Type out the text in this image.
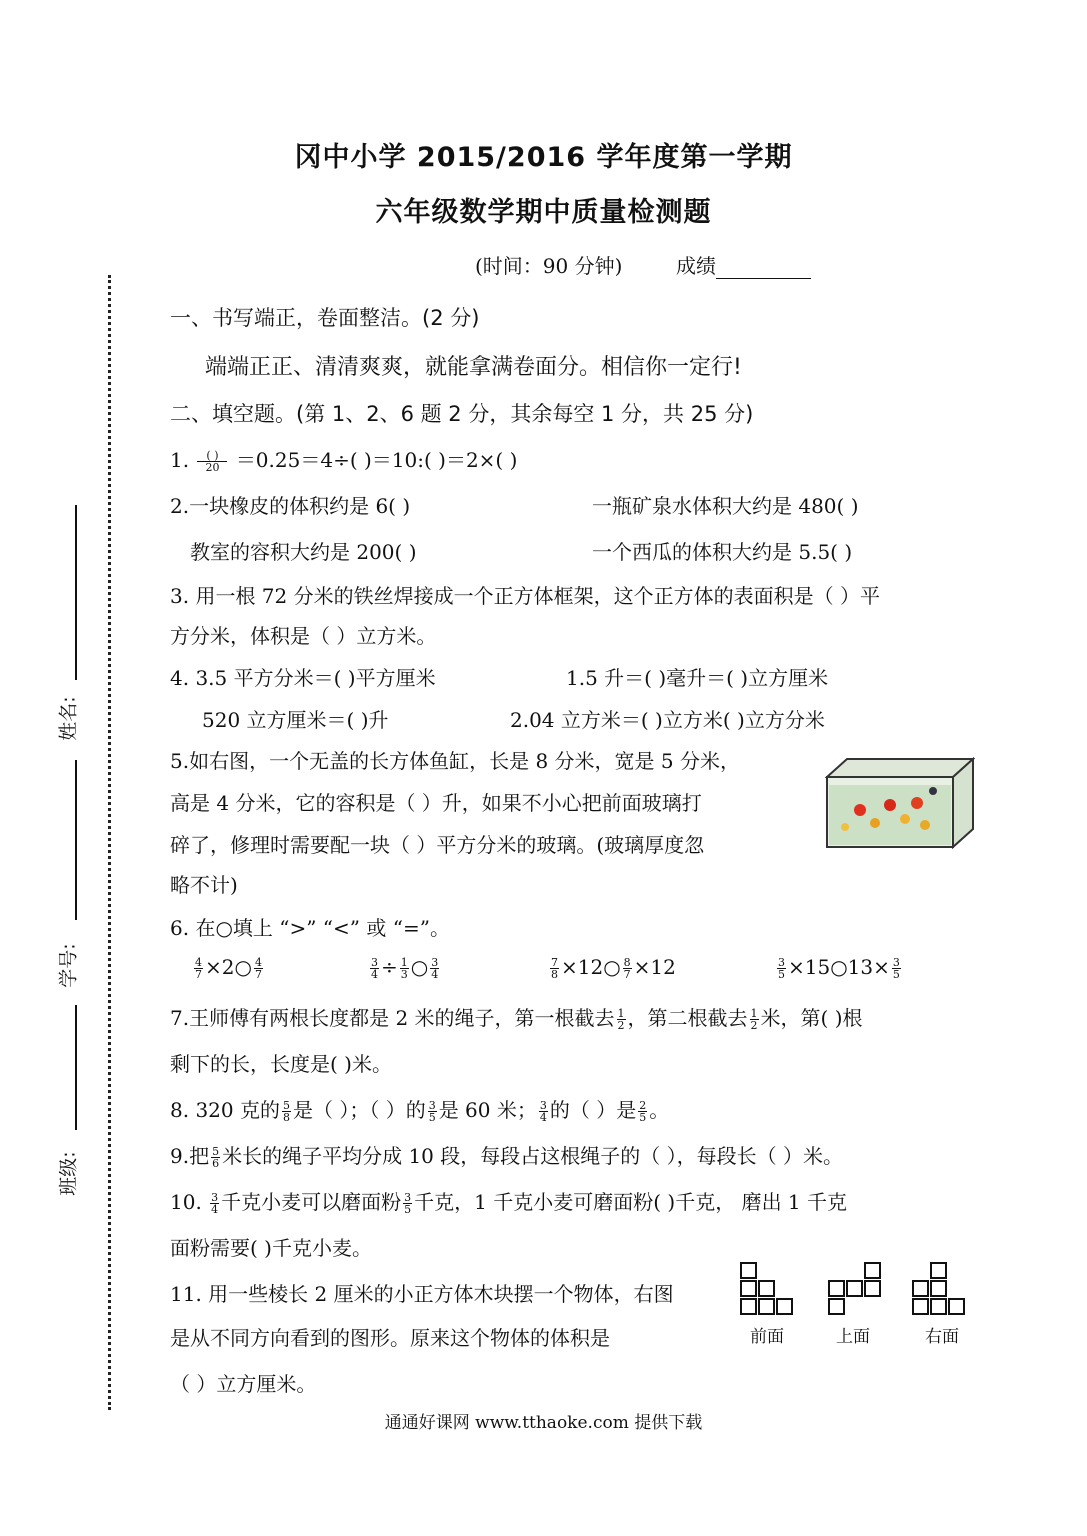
冈中小学 2015/2016 学年度第一学期
六年级数学期中质量检测题
(时间：90 分钟)	成绩
姓名:
学号:
班级:
一、书写端正，卷面整洁。(2 分)
端端正正、清清爽爽，就能拿满卷面分。相信你一定行!
二、填空题。(第 1、2、6 题 2 分，其余每空 1 分，共 25 分)
1. $\frac{( )}{20} =0.25=4\div$( )＝10:( )＝2×( )
2.一块橡皮的体积约是 6( )	一瓶矿泉水体积大约是 480( )
教室的容积大约是 200( )	一个西瓜的体积大约是 5.5( )
3. 用一根 72 分米的铁丝焊接成一个正方体框架，这个正方体的表面积是（ ）平
方分米，体积是（ ）立方米。
4. 3.5 平方分米＝( )平方厘米	1.5 升＝( )毫升＝( )立方厘米
520 立方厘米＝( )升	2.04 立方米＝( )立方米( )立方分米
5.如右图，一个无盖的长方体鱼缸，长是 8 分米，宽是 5 分米，
高是 4 分米，它的容积是（ ）升，如果不小心把前面玻璃打
碎了，修理时需要配一块（ ）平方分米的玻璃。(玻璃厚度忽
略不计)
6. 在○填上 “>” “<” 或 “=”。
$\frac{4}{7}$ ×2○ $\frac{4}{7}$	$\frac{3}{4} \div \frac{1}{3}$ ○ $\frac{3}{4}$	$\frac{7}{8}$ ×12○ $\frac{8}{7} \times 12$	$\frac{3}{5}$ ×15○13× $\frac{3}{5}$
7.王师傅有两根长度都是 2 米的绳子，第一根截去 $\frac{1}{2}$ ，第二根截去 $\frac{1}{2}$ 米，第( )根
剩下的长，长度是( )米。
8. 320 克的 $\frac{5}{8}$ 是（ ）；（ ）的 $\frac{3}{5}$ 是 60 米； $\frac{3}{4}$ 的（ ）是 $\frac{2}{5}$ 。
9.把 $\frac{5}{6}$ 米长的绳子平均分成 10 段，每段占这根绳子的（ ），每段长（ ）米。
10. $\frac{3}{4}$ 千克小麦可以磨面粉 $\frac{3}{5}$ 千克，1 千克小麦可磨面粉( )千克， 磨出 1 千克
面粉需要( )千克小麦。
11. 用一些棱长 2 厘米的小正方体木块摆一个物体，右图
是从不同方向看到的图形。原来这个物体的体积是
（ ）立方厘米。
前面	上面	右面
通通好课网 www.tthaoke.com 提供下载
